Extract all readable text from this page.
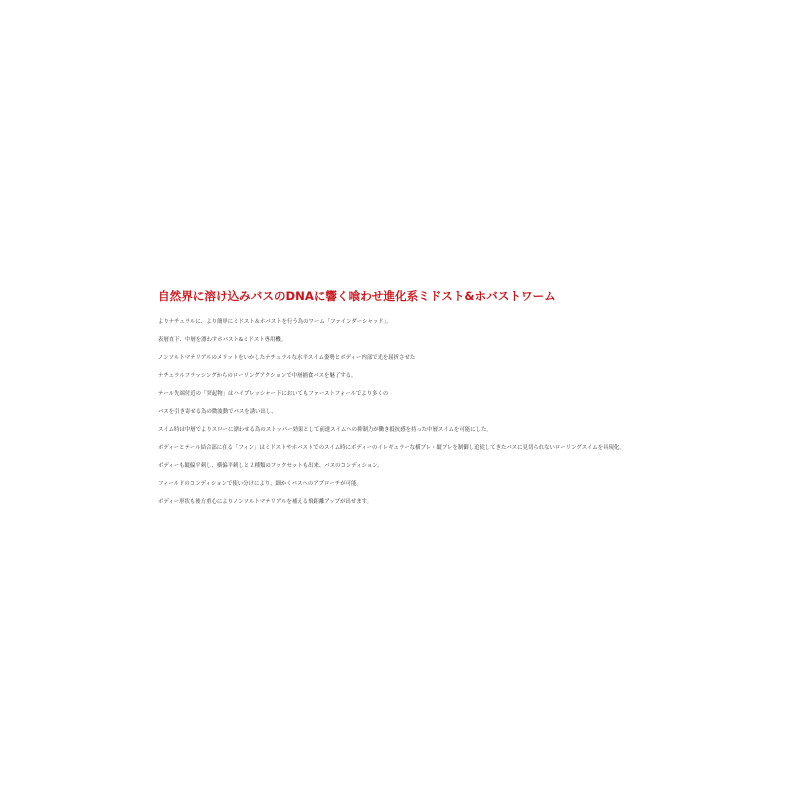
自然界に溶け込みバスのDNAに響く喰わせ進化系ミドスト&ホバストワーム

よりナチュラルに、より簡単にミドスト＆ホバストを行う為のワーム「ファインダーシャッド」。

表層直下、中層を漂わすホバスト&ミドスト専用機。

ノンソルトマテリアルのメリットをいかしたナチュラルな水平スイム姿勢とボディー内部で光を屈折させた

ナチュラルフラッシングからのローリングアクションで中層捕食バスを魅了する。

テール先端付近の「突起物」はハイプレッシャー下においてもファーストフォールでより多くの

バスを引き寄せる為の微波動でバスを誘い出し、

スイム時は中層でよりスローに漂わせる為のストッパー効果として前進スイムへの抑制力が働き抵抗感を持った中層スイムを可能にした。

ボディーとテール結合部に在る「フィン」はミドストやホバストでのスイム時にボディーのイレギュラーな横ブレ・縦ブレを制御し追従してきたバスに見切られないローリングスイムを具現化。

ボディーも縦偏平刺し、横偏平刺しと２種類のフックセットも出来、バスのコンディション。

フィールドのコンディションで使い分けにより、細かくバスへのアプローチが可能。

ボディー形状も後方重心によりノンソルトマテリアルを補える飛距離アップが出せます。
